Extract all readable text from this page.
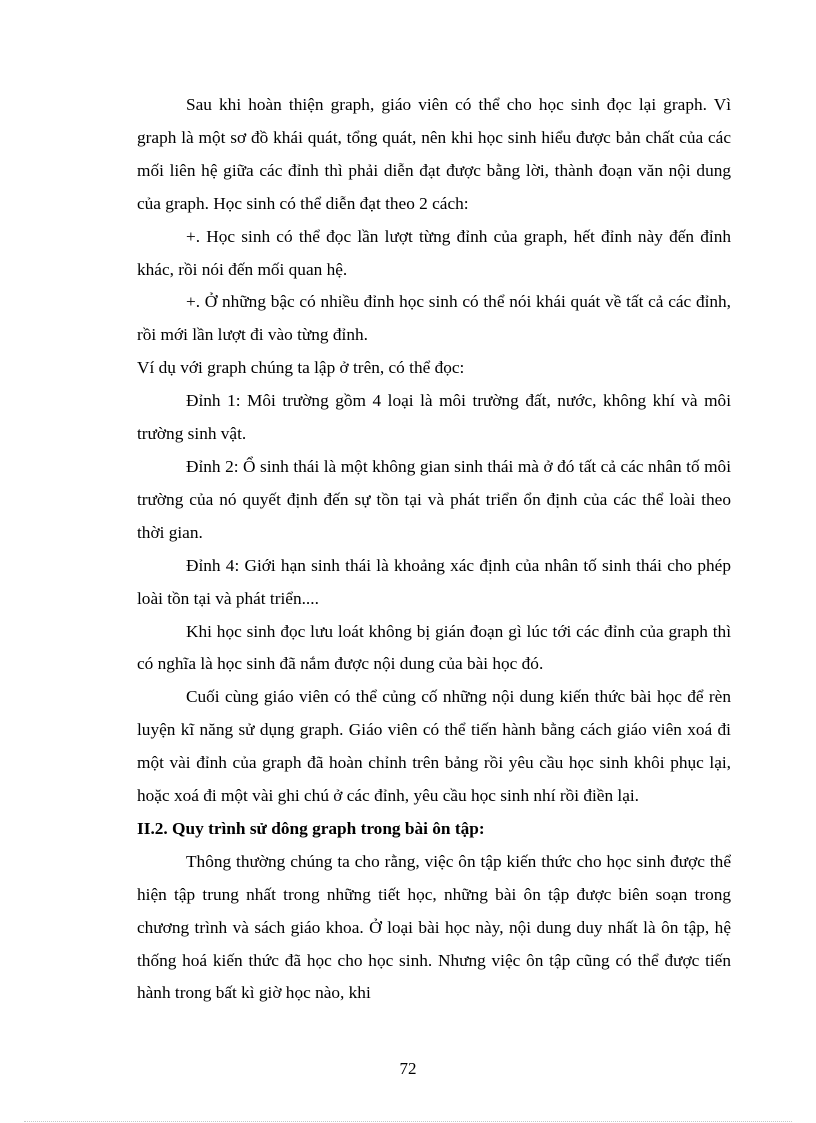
Sau khi hoàn thiện graph, giáo viên có thể cho học sinh đọc lại graph. Vì graph là một sơ đồ khái quát, tổng quát, nên khi học sinh hiểu được bản chất của các mối liên hệ giữa các đỉnh thì phải diễn đạt được bằng lời, thành đoạn văn nội dung của graph. Học sinh có thể diễn đạt theo 2 cách:

+. Học sinh có thể đọc lần lượt từng đỉnh của graph, hết đỉnh này đến đỉnh khác, rồi nói đến mối quan hệ.

+. Ở những bậc có nhiều đỉnh học sinh có thể nói khái quát về tất cả các đỉnh, rồi mới lần lượt đi vào từng đỉnh.

Ví dụ với graph chúng ta lập ở trên, có thể đọc:

Đỉnh 1: Môi trường gồm 4 loại là môi trường đất, nước, không khí và môi trường sinh vật.

Đỉnh 2: Ổ sinh thái là một không gian sinh thái mà ở đó tất cả các nhân tố môi trường của nó quyết định đến sự tồn tại và phát triển ổn định của các thể loài theo thời gian.

Đỉnh 4: Giới hạn sinh thái là khoảng xác định của nhân tố sinh thái cho phép loài tồn tại và phát triển....

Khi học sinh đọc lưu loát không bị gián đoạn gì lúc tới các đỉnh của graph thì có nghĩa là học sinh đã nắm được nội dung của bài học đó.

Cuối cùng giáo viên có thể củng cố những nội dung kiến thức bài học để rèn luyện kĩ năng sử dụng graph. Giáo viên có thể tiến hành bằng cách giáo viên xoá đi một vài đỉnh của graph đã hoàn chỉnh trên bảng rồi yêu cầu học sinh khôi phục lại, hoặc xoá đi một vài ghi chú ở các đỉnh, yêu cầu học sinh nhí rồi điền lại.

II.2. Quy trình sử dông graph trong bài ôn tập:

Thông thường chúng ta cho rằng, việc ôn tập kiến thức cho học sinh được thể hiện tập trung nhất trong những tiết học, những bài ôn tập được biên soạn trong chương trình và sách giáo khoa. Ở loại bài học này, nội dung duy nhất là ôn tập, hệ thống hoá kiến thức đã học cho học sinh. Nhưng việc ôn tập cũng có thể được tiến hành trong bất kì giờ học nào, khi

72
